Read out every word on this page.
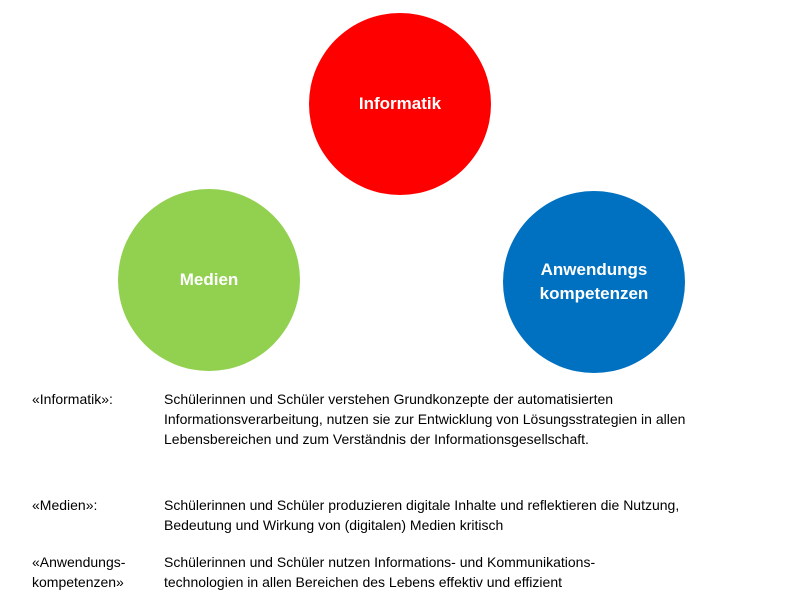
Informatik
Medien
Anwendungs
kompetenzen
«Informatik»:	Schülerinnen und Schüler verstehen Grundkonzepte der automatisierten
Informationsverarbeitung, nutzen sie zur Entwicklung von Lösungsstrategien in allen
Lebensbereichen und zum Verständnis der Informationsgesellschaft.
«Medien»:	Schülerinnen und Schüler produzieren digitale Inhalte und reflektieren die Nutzung,
Bedeutung und Wirkung von (digitalen) Medien kritisch
«Anwendungs-
kompetenzen»
Schülerinnen und Schüler nutzen Informations- und Kommunikations-
technologien in allen Bereichen des Lebens effektiv und effizient
